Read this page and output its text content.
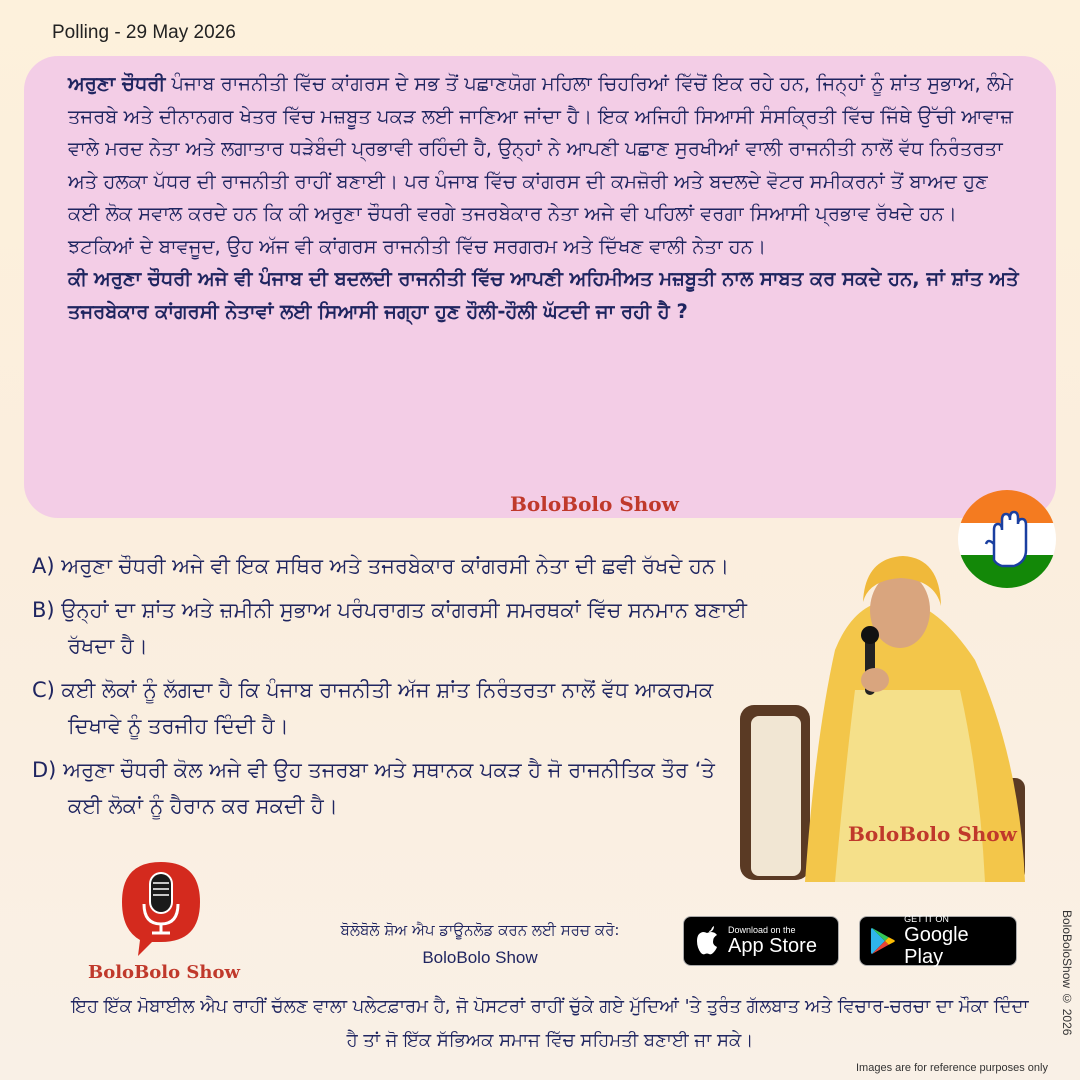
Polling - 29 May 2026

ਅਰੁਣਾ ਚੌਧਰੀ ਪੰਜਾਬ ਰਾਜਨੀਤੀ ਵਿੱਚ ਕਾਂਗਰਸ ਦੇ ਸਭ ਤੋਂ ਪਛਾਣਯੋਗ ਮਹਿਲਾ ਚਿਹਰਿਆਂ ਵਿੱਚੋਂ ਇਕ ਰਹੇ ਹਨ, ਜਿਨ੍ਹਾਂ ਨੂੰ ਸ਼ਾਂਤ ਸੁਭਾਅ, ਲੰਮੇ ਤਜਰਬੇ ਅਤੇ ਦੀਨਾਨਗਰ ਖੇਤਰ ਵਿੱਚ ਮਜ਼ਬੂਤ ਪਕੜ ਲਈ ਜਾਣਿਆ ਜਾਂਦਾ ਹੈ। ਇਕ ਅਜਿਹੀ ਸਿਆਸੀ ਸੰਸਕ੍ਰਿਤੀ ਵਿੱਚ ਜਿੱਥੇ ਉੱਚੀ ਆਵਾਜ਼ ਵਾਲੇ ਮਰਦ ਨੇਤਾ ਅਤੇ ਲਗਾਤਾਰ ਧੜੇਬੰਦੀ ਪ੍ਰਭਾਵੀ ਰਹਿੰਦੀ ਹੈ, ਉਨ੍ਹਾਂ ਨੇ ਆਪਣੀ ਪਛਾਣ ਸੁਰਖੀਆਂ ਵਾਲੀ ਰਾਜਨੀਤੀ ਨਾਲੋਂ ਵੱਧ ਨਿਰੰਤਰਤਾ ਅਤੇ ਹਲਕਾ ਪੱਧਰ ਦੀ ਰਾਜਨੀਤੀ ਰਾਹੀਂ ਬਣਾਈ। ਪਰ ਪੰਜਾਬ ਵਿੱਚ ਕਾਂਗਰਸ ਦੀ ਕਮਜ਼ੋਰੀ ਅਤੇ ਬਦਲਦੇ ਵੋਟਰ ਸਮੀਕਰਨਾਂ ਤੋਂ ਬਾਅਦ ਹੁਣ ਕਈ ਲੋਕ ਸਵਾਲ ਕਰਦੇ ਹਨ ਕਿ ਕੀ ਅਰੁਣਾ ਚੌਧਰੀ ਵਰਗੇ ਤਜਰਬੇਕਾਰ ਨੇਤਾ ਅਜੇ ਵੀ ਪਹਿਲਾਂ ਵਰਗਾ ਸਿਆਸੀ ਪ੍ਰਭਾਵ ਰੱਖਦੇ ਹਨ। ਝਟਕਿਆਂ ਦੇ ਬਾਵਜੂਦ, ਉਹ ਅੱਜ ਵੀ ਕਾਂਗਰਸ ਰਾਜਨੀਤੀ ਵਿੱਚ ਸਰਗਰਮ ਅਤੇ ਦਿੱਖਣ ਵਾਲੀ ਨੇਤਾ ਹਨ।

ਕੀ ਅਰੁਣਾ ਚੌਧਰੀ ਅਜੇ ਵੀ ਪੰਜਾਬ ਦੀ ਬਦਲਦੀ ਰਾਜਨੀਤੀ ਵਿੱਚ ਆਪਣੀ ਅਹਿਮੀਅਤ ਮਜ਼ਬੂਤੀ ਨਾਲ ਸਾਬਤ ਕਰ ਸਕਦੇ ਹਨ, ਜਾਂ ਸ਼ਾਂਤ ਅਤੇ ਤਜਰਬੇਕਾਰ ਕਾਂਗਰਸੀ ਨੇਤਾਵਾਂ ਲਈ ਸਿਆਸੀ ਜਗ੍ਹਾ ਹੁਣ ਹੌਲੀ-ਹੌਲੀ ਘੱਟਦੀ ਜਾ ਰਹੀ ਹੈ ?

BoloBolo Show
A) ਅਰੁਣਾ ਚੌਧਰੀ ਅਜੇ ਵੀ ਇਕ ਸਥਿਰ ਅਤੇ ਤਜਰਬੇਕਾਰ ਕਾਂਗਰਸੀ ਨੇਤਾ ਦੀ ਛਵੀ ਰੱਖਦੇ ਹਨ।
B) ਉਨ੍ਹਾਂ ਦਾ ਸ਼ਾਂਤ ਅਤੇ ਜ਼ਮੀਨੀ ਸੁਭਾਅ ਪਰੰਪਰਾਗਤ ਕਾਂਗਰਸੀ ਸਮਰਥਕਾਂ ਵਿੱਚ ਸਨਮਾਨ ਬਣਾਈ ਰੱਖਦਾ ਹੈ।
C) ਕਈ ਲੋਕਾਂ ਨੂੰ ਲੱਗਦਾ ਹੈ ਕਿ ਪੰਜਾਬ ਰਾਜਨੀਤੀ ਅੱਜ ਸ਼ਾਂਤ ਨਿਰੰਤਰਤਾ ਨਾਲੋਂ ਵੱਧ ਆਕਰਮਕ ਦਿਖਾਵੇ ਨੂੰ ਤਰਜੀਹ ਦਿੰਦੀ ਹੈ।
D) ਅਰੁਣਾ ਚੌਧਰੀ ਕੋਲ ਅਜੇ ਵੀ ਉਹ ਤਜਰਬਾ ਅਤੇ ਸਥਾਨਕ ਪਕੜ ਹੈ ਜੋ ਰਾਜਨੀਤਿਕ ਤੌਰ ‘ਤੇ ਕਈ ਲੋਕਾਂ ਨੂੰ ਹੈਰਾਨ ਕਰ ਸਕਦੀ ਹੈ।
BoloBolo Show
BoloBolo Show
ਬੋਲੋਬੋਲੋ ਸ਼ੋਅ ਐਪ ਡਾਊਨਲੋਡ ਕਰਨ ਲਈ ਸਰਚ ਕਰੋ:
BoloBolo Show
Download on the
App Store
GET IT ON
Google Play

ਇਹ ਇੱਕ ਮੋਬਾਈਲ ਐਪ ਰਾਹੀਂ ਚੱਲਣ ਵਾਲਾ ਪਲੇਟਫ਼ਾਰਮ ਹੈ, ਜੋ ਪੋਸਟਰਾਂ ਰਾਹੀਂ ਚੁੱਕੇ ਗਏ ਮੁੱਦਿਆਂ 'ਤੇ ਤੁਰੰਤ ਗੱਲਬਾਤ ਅਤੇ ਵਿਚਾਰ-ਚਰਚਾ ਦਾ ਮੌਕਾ ਦਿੰਦਾ ਹੈ ਤਾਂ ਜੋ ਇੱਕ ਸੱਭਿਅਕ ਸਮਾਜ ਵਿੱਚ ਸਹਿਮਤੀ ਬਣਾਈ ਜਾ ਸਕੇ।

BoloBoloShow © 2026
Images are for reference purposes only
